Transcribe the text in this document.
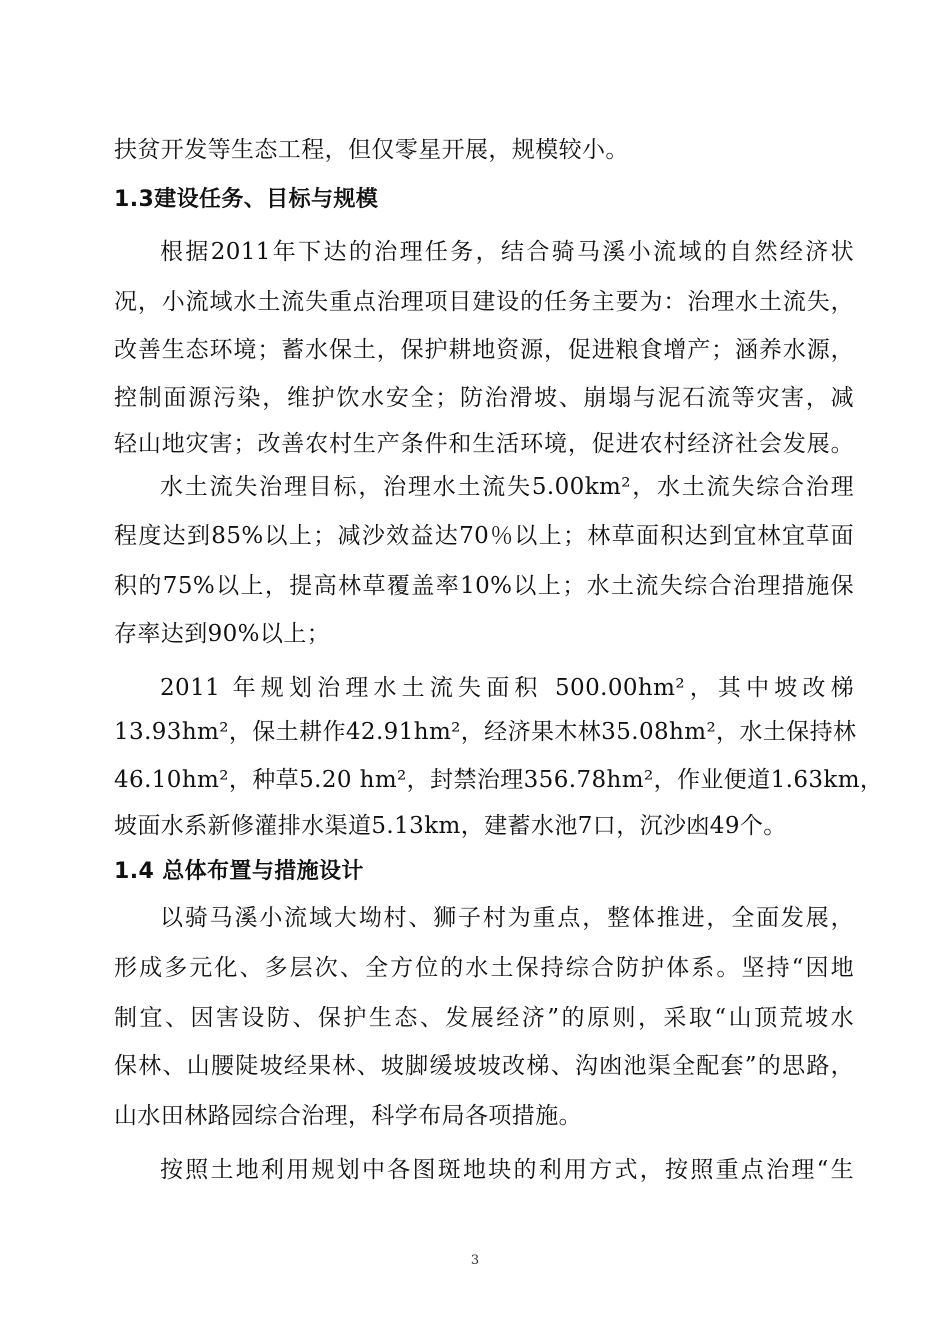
扶贫开发等生态工程，但仅零星开展，规模较小。
1.3建设任务、目标与规模
根据2011年下达的治理任务，结合骑马溪小流域的自然经济状
况，小流域水土流失重点治理项目建设的任务主要为：治理水土流失，
改善生态环境；蓄水保土，保护耕地资源，促进粮食增产；涵养水源，
控制面源污染，维护饮水安全；防治滑坡、崩塌与泥石流等灾害，减
轻山地灾害；改善农村生产条件和生活环境，促进农村经济社会发展。
水土流失治理目标，治理水土流失5.00km²，水土流失综合治理
程度达到85%以上；减沙效益达70％以上；林草面积达到宜林宜草面
积的75%以上，提高林草覆盖率10%以上；水土流失综合治理措施保
存率达到90%以上；
2011 年规划治理水土流失面积 500.00hm²，其中坡改梯
13.93hm²，保土耕作42.91hm²，经济果木林35.08hm²，水土保持林
46.10hm²，种草5.20 hm²，封禁治理356.78hm²，作业便道1.63km，
坡面水系新修灌排水渠道5.13km，建蓄水池7口，沉沙凼49个。
1.4 总体布置与措施设计
以骑马溪小流域大坳村、狮子村为重点，整体推进，全面发展，
形成多元化、多层次、全方位的水土保持综合防护体系。坚持“因地
制宜、因害设防、保护生态、发展经济”的原则，采取“山顶荒坡水
保林、山腰陡坡经果林、坡脚缓坡坡改梯、沟凼池渠全配套”的思路，
山水田林路园综合治理，科学布局各项措施。
按照土地利用规划中各图斑地块的利用方式，按照重点治理“生
3
